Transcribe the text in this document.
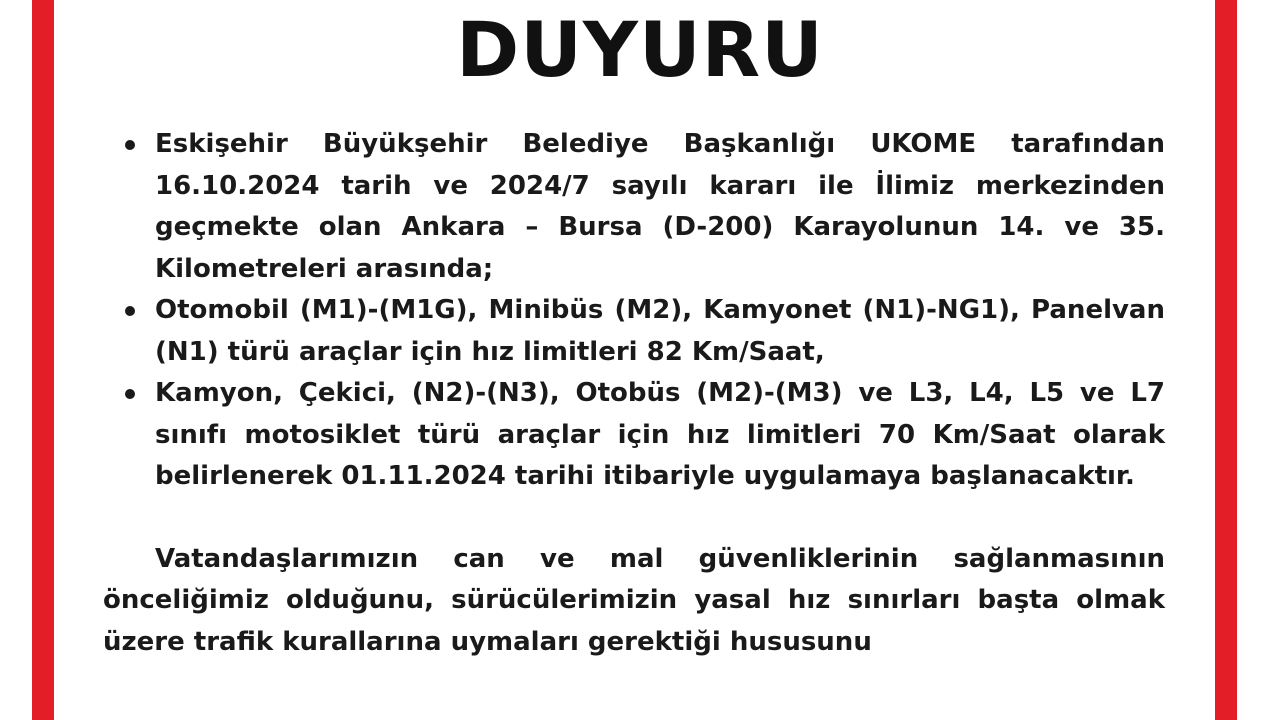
DUYURU
Eskişehir Büyükşehir Belediye Başkanlığı UKOME tarafından 16.10.2024 tarih ve 2024/7 sayılı kararı ile İlimiz merkezinden geçmekte olan Ankara – Bursa (D-200) Karayolunun 14. ve 35. Kilometreleri arasında;
Otomobil (M1)-(M1G), Minibüs (M2), Kamyonet (N1)-NG1), Panelvan (N1) türü araçlar için hız limitleri 82 Km/Saat,
Kamyon, Çekici, (N2)-(N3), Otobüs (M2)-(M3) ve L3, L4, L5 ve L7 sınıfı motosiklet türü araçlar için hız limitleri 70 Km/Saat olarak belirlenerek 01.11.2024 tarihi itibariyle uygulamaya başlanacaktır.

Vatandaşlarımızın can ve mal güvenliklerinin sağlanmasının önceliğimiz olduğunu, sürücülerimizin yasal hız sınırları başta olmak üzere trafik kurallarına uymaları gerektiği hususunu
